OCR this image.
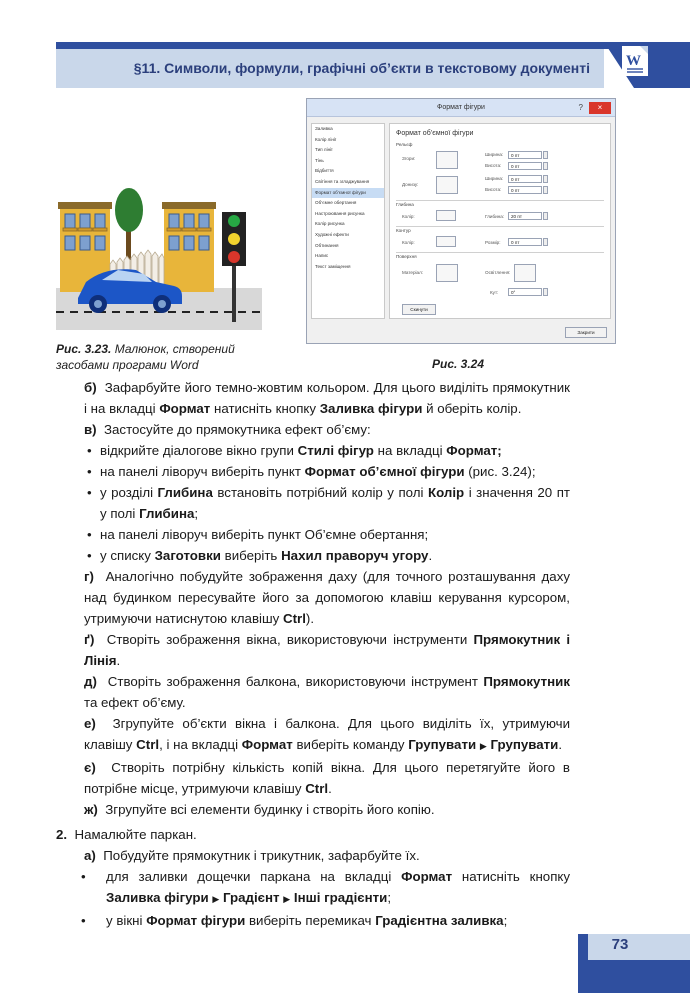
§11. Символи, формули, графічні об’єкти в текстовому документі W
Рис. 3.23. Малюнок, створений засобами програми Word
Формат фігури	?	×
Заливка
Колір лінії
Тип лінії
Тінь
Відбиття
Світіння та згладжування
Формат об’ємної фігури
Об’ємне обертання
Настроювання рисунка
Колір рисунка
Художні ефекти
Обтинання
Напис
Текст заміщення
Формат об’ємної фігури
Рельєф
Згори:
Ширина:	0 пт
Висота:	0 пт
Донизу:
Ширина:	0 пт
Висота:	0 пт
Глибина
Колір:	Глибина:	20 пт
Контур
Колір:	Розмір:	0 пт
Поверхня
Матеріал:	Освітлення:
Кут:	0°
Скинути
Закрити
Рис. 3.24
б) Зафарбуйте його темно-жовтим кольором. Для цього виділіть прямокутник і на вкладці Формат натисніть кнопку Заливка фігури й оберіть колір.
в) Застосуйте до прямокутника ефект об’єму:
• відкрийте діалогове вікно групи Стилі фігур на вкладці Формат;
• на панелі ліворуч виберіть пункт Формат об’ємної фігури (рис. 3.24);
• у розділі Глибина встановіть потрібний колір у полі Колір і значення 20 пт у полі Глибина;
• на панелі ліворуч виберіть пункт Об’ємне обертання;
• у списку Заготовки виберіть Нахил праворуч угору.
г) Аналогічно побудуйте зображення даху (для точного розташування даху над будинком пересувайте його за допомогою клавіш керування курсором, утримуючи натиснутою клавішу Ctrl).
ґ) Створіть зображення вікна, використовуючи інструменти Прямокутник і Лінія.
д) Створіть зображення балкона, використовуючи інструмент Прямокутник та ефект об’єму.
е) Згрупуйте об’єкти вікна і балкона. Для цього виділіть їх, утримуючи клавішу Ctrl, і на вкладці Формат виберіть команду Групувати ▶ Групувати.
є) Створіть потрібну кількість копій вікна. Для цього перетягуйте його в потрібне місце, утримуючи клавішу Ctrl.
ж) Згрупуйте всі елементи будинку і створіть його копію.
2. Намалюйте паркан.
а) Побудуйте прямокутник і трикутник, зафарбуйте їх.
• для заливки дощечки паркана на вкладці Формат натисніть кнопку Заливка фігури ▶ Градієнт ▶ Інші градієнти;
• у вікні Формат фігури виберіть перемикач Градієнтна заливка;
73
